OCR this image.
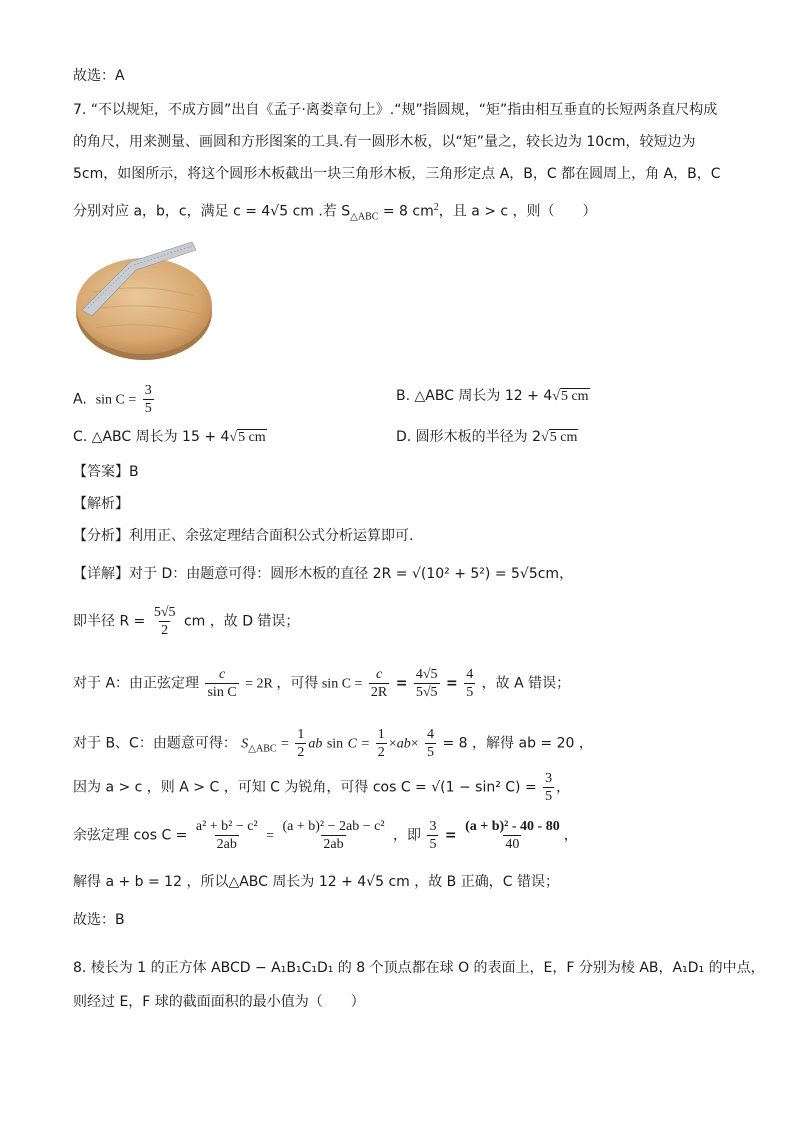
故选：A
7. “不以规矩，不成方圆”出自《孟子·离娄章句上》.“规”指圆规，“矩”指由相互垂直的长短两条直尺构成
的角尺，用来测量、画圆和方形图案的工具.有一圆形木板，以“矩”量之，较长边为 10cm，较短边为
5cm，如图所示，将这个圆形木板截出一块三角形木板，三角形定点 A，B，C 都在圆周上，角 A，B，C
分别对应 a，b，c，满足 c = 4√5 cm .若 $S_{\triangle ABC} = 8$ $cm^2$，且 a > c ，则（　　）
A. $\sin C = \frac{3}{5}$	B. △ABC 周长为 12 + 4√5 cm
C. △ABC 周长为 15 + 4√5 cm	D. 圆形木板的半径为 2√5 cm
【答案】B
【解析】
【分析】利用正、余弦定理结合面积公式分析运算即可.
【详解】对于 D：由题意可得：圆形木板的直径 2R = √(10² + 5²) = 5√5cm，
即半径 $R = \frac{5√5}{2}$ cm ，故 D 错误；
对于 A：由正弦定理 $\frac{c}{\text{sin C}} = 2R$ ，可得 $\sin C = \frac{c}{2R} = \frac{4√5}{5√5} = \frac{4}{5}$ ，故 A 错误；
对于 B、C：由题意可得： $S_{\triangle ABC} = \frac{1}{2}$ ab $\sin C = \frac{1}{2} \times ab\times \frac{4}{5} = 8$ ，解得 ab = 20 ，
因为 a > c ，则 A > C ，可知 C 为锐角，可得 cos C = √(1 − sin² $C) = \frac{3}{5}$ ，
余弦定理 $\cos C = \frac{\text{a² + b² − c²}}{2ab} = \frac{\text{(a + b)² − 2ab − c²}}{2ab}$ ，即 $\frac{3}{5} = \frac{\text{(a + b)² - 40 - 80}}{40}$ ，
解得 a + b = 12 ，所以△ABC 周长为 12 + 4√5 cm ，故 B 正确，C 错误；
故选：B
8. 棱长为 1 的正方体 ABCD − A₁B₁C₁D₁ 的 8 个顶点都在球 O 的表面上，E，F 分别为棱 AB，A₁D₁ 的中点，
则经过 E，F 球的截面面积的最小值为（　　）
